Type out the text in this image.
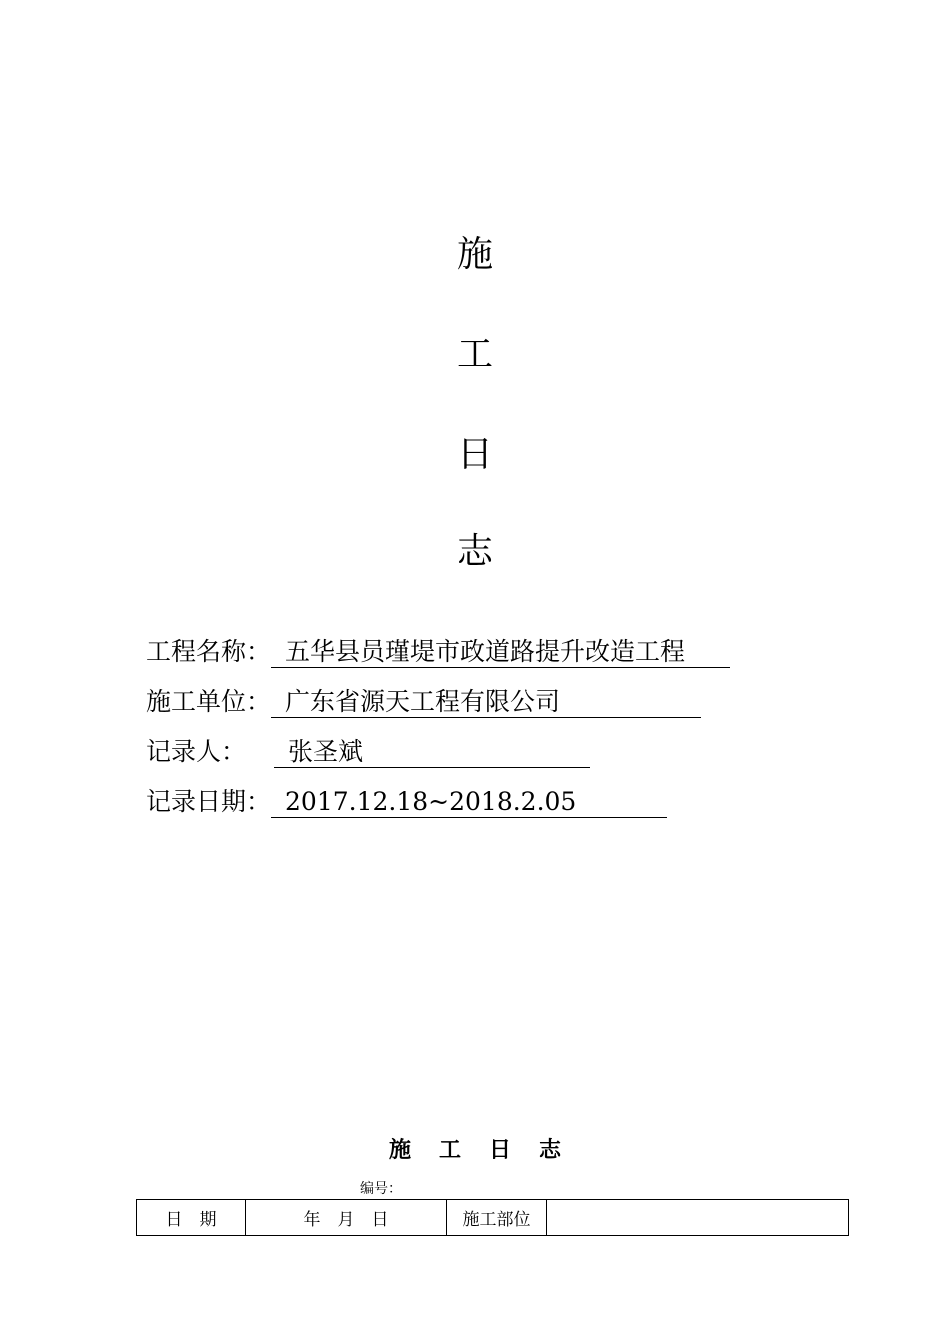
施
工
日
志
工程名称： 五华县员瑾堤市政道路提升改造工程
施工单位： 广东省源天工程有限公司
记录人： 张圣斌
记录日期： 2017.12.18~2018.2.05
施 工 日 志
编号：
日　期	年　月　日	施工部位	
